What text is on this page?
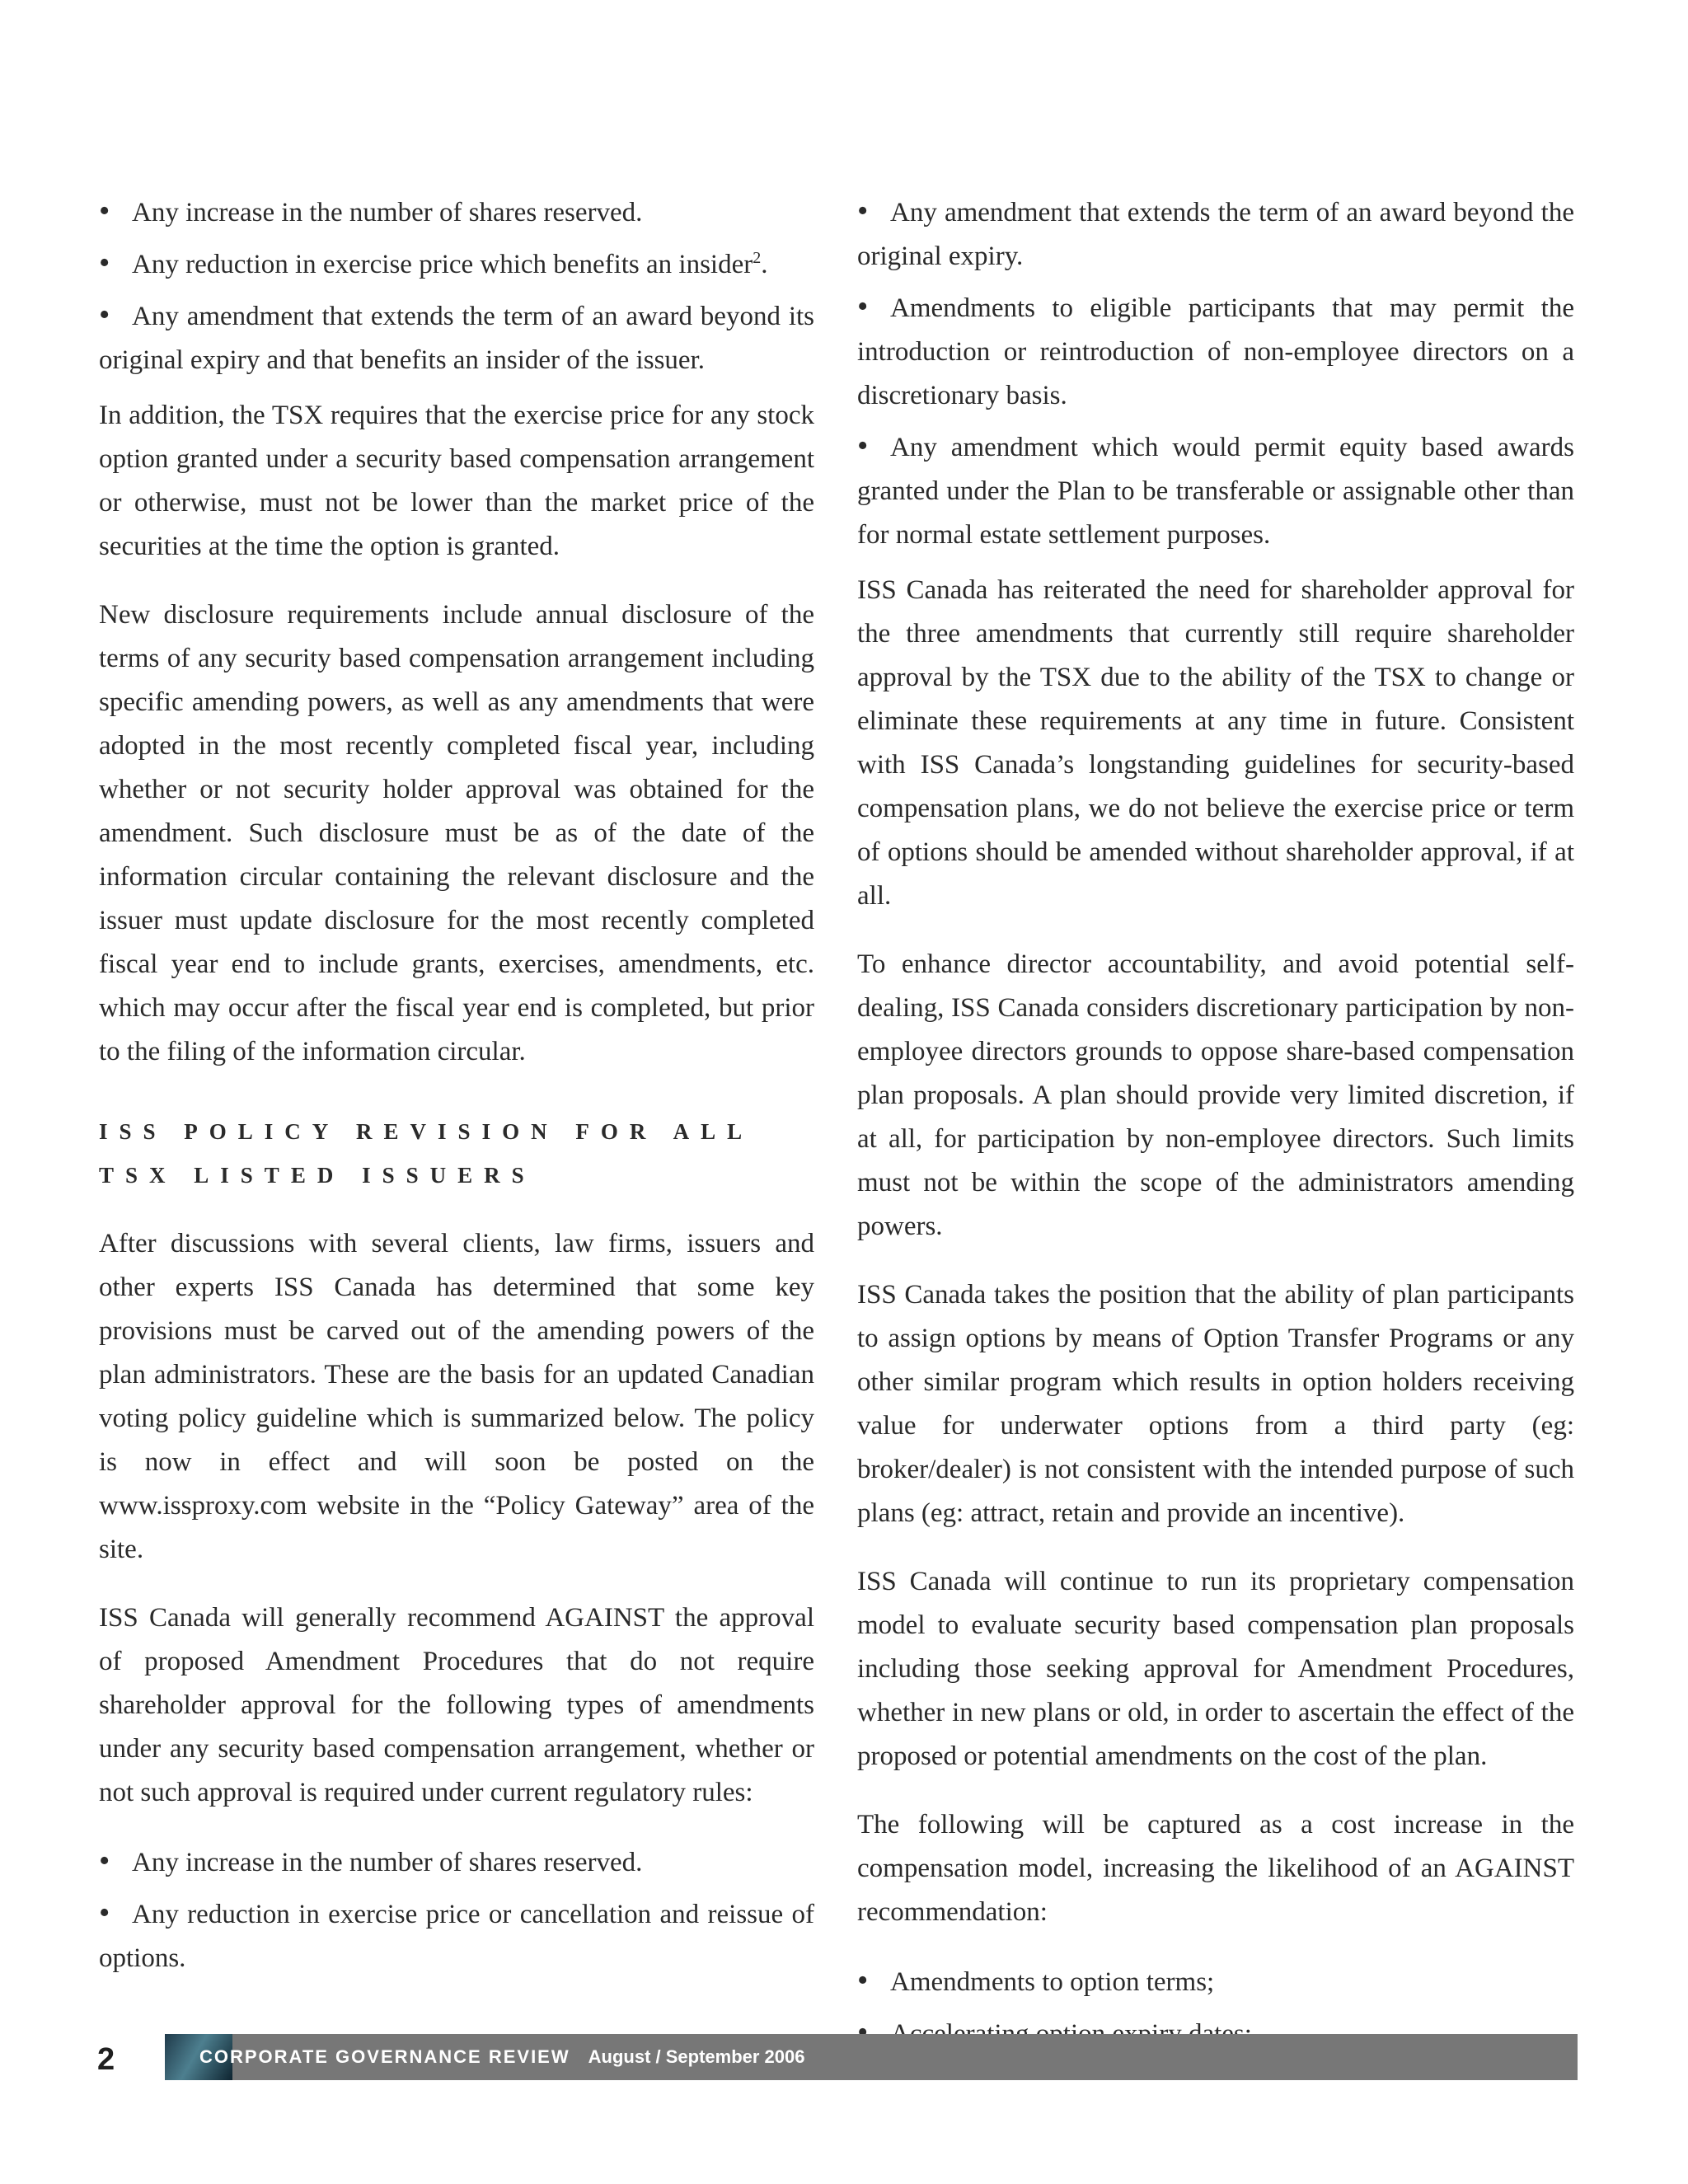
•Any increase in the number of shares reserved.
•Any reduction in exercise price which benefits an insider$^2$.
•Any amendment that extends the term of an award beyond its original expiry and that benefits an insider of the issuer.

In addition, the TSX requires that the exercise price for any stock option granted under a security based compensation arrangement or otherwise, must not be lower than the market price of the securities at the time the option is granted.

New disclosure requirements include annual disclosure of the terms of any security based compensation arrangement including specific amending powers, as well as any amendments that were adopted in the most recently completed fiscal year, including whether or not security holder approval was obtained for the amendment. Such disclosure must be as of the date of the information circular containing the relevant disclosure and the issuer must update disclosure for the most recently completed fiscal year end to include grants, exercises, amendments, etc. which may occur after the fiscal year end is completed, but prior to the filing of the information circular.

ISS POLICY REVISION FOR ALL TSX LISTED ISSUERS

After discussions with several clients, law firms, issuers and other experts ISS Canada has determined that some key provisions must be carved out of the amending powers of the plan administrators. These are the basis for an updated Canadian voting policy guideline which is summarized below. The policy is now in effect and will soon be posted on the www.issproxy.com website in the “Policy Gateway” area of the site.

ISS Canada will generally recommend AGAINST the approval of proposed Amendment Procedures that do not require shareholder approval for the following types of amendments under any security based compensation arrangement, whether or not such approval is required under current regulatory rules:

•Any increase in the number of shares reserved.
•Any reduction in exercise price or cancellation and reissue of options.
•Any amendment that extends the term of an award beyond the original expiry.
•Amendments to eligible participants that may permit the introduction or reintroduction of non-employee directors on a discretionary basis.
•Any amendment which would permit equity based awards granted under the Plan to be transferable or assignable other than for normal estate settlement purposes.

ISS Canada has reiterated the need for shareholder approval for the three amendments that currently still require shareholder approval by the TSX due to the ability of the TSX to change or eliminate these requirements at any time in future. Consistent with ISS Canada’s longstanding guidelines for security-based compensation plans, we do not believe the exercise price or term of options should be amended without shareholder approval, if at all.

To enhance director accountability, and avoid potential self-dealing, ISS Canada considers discretionary participation by non-employee directors grounds to oppose share-based compensation plan proposals. A plan should provide very limited discretion, if at all, for participation by non-employee directors. Such limits must not be within the scope of the administrators amending powers.

ISS Canada takes the position that the ability of plan participants to assign options by means of Option Transfer Programs or any other similar program which results in option holders receiving value for underwater options from a third party (eg: broker/dealer) is not consistent with the intended purpose of such plans (eg: attract, retain and provide an incentive).

ISS Canada will continue to run its proprietary compensation model to evaluate security based compensation plan proposals including those seeking approval for Amendment Procedures, whether in new plans or old, in order to ascertain the effect of the proposed or potential amendments on the cost of the plan.

The following will be captured as a cost increase in the compensation model, increasing the likelihood of an AGAINST recommendation:

•Amendments to option terms;
•
2	CORPORATE GOVERNANCE REVIEW August / September 2006
